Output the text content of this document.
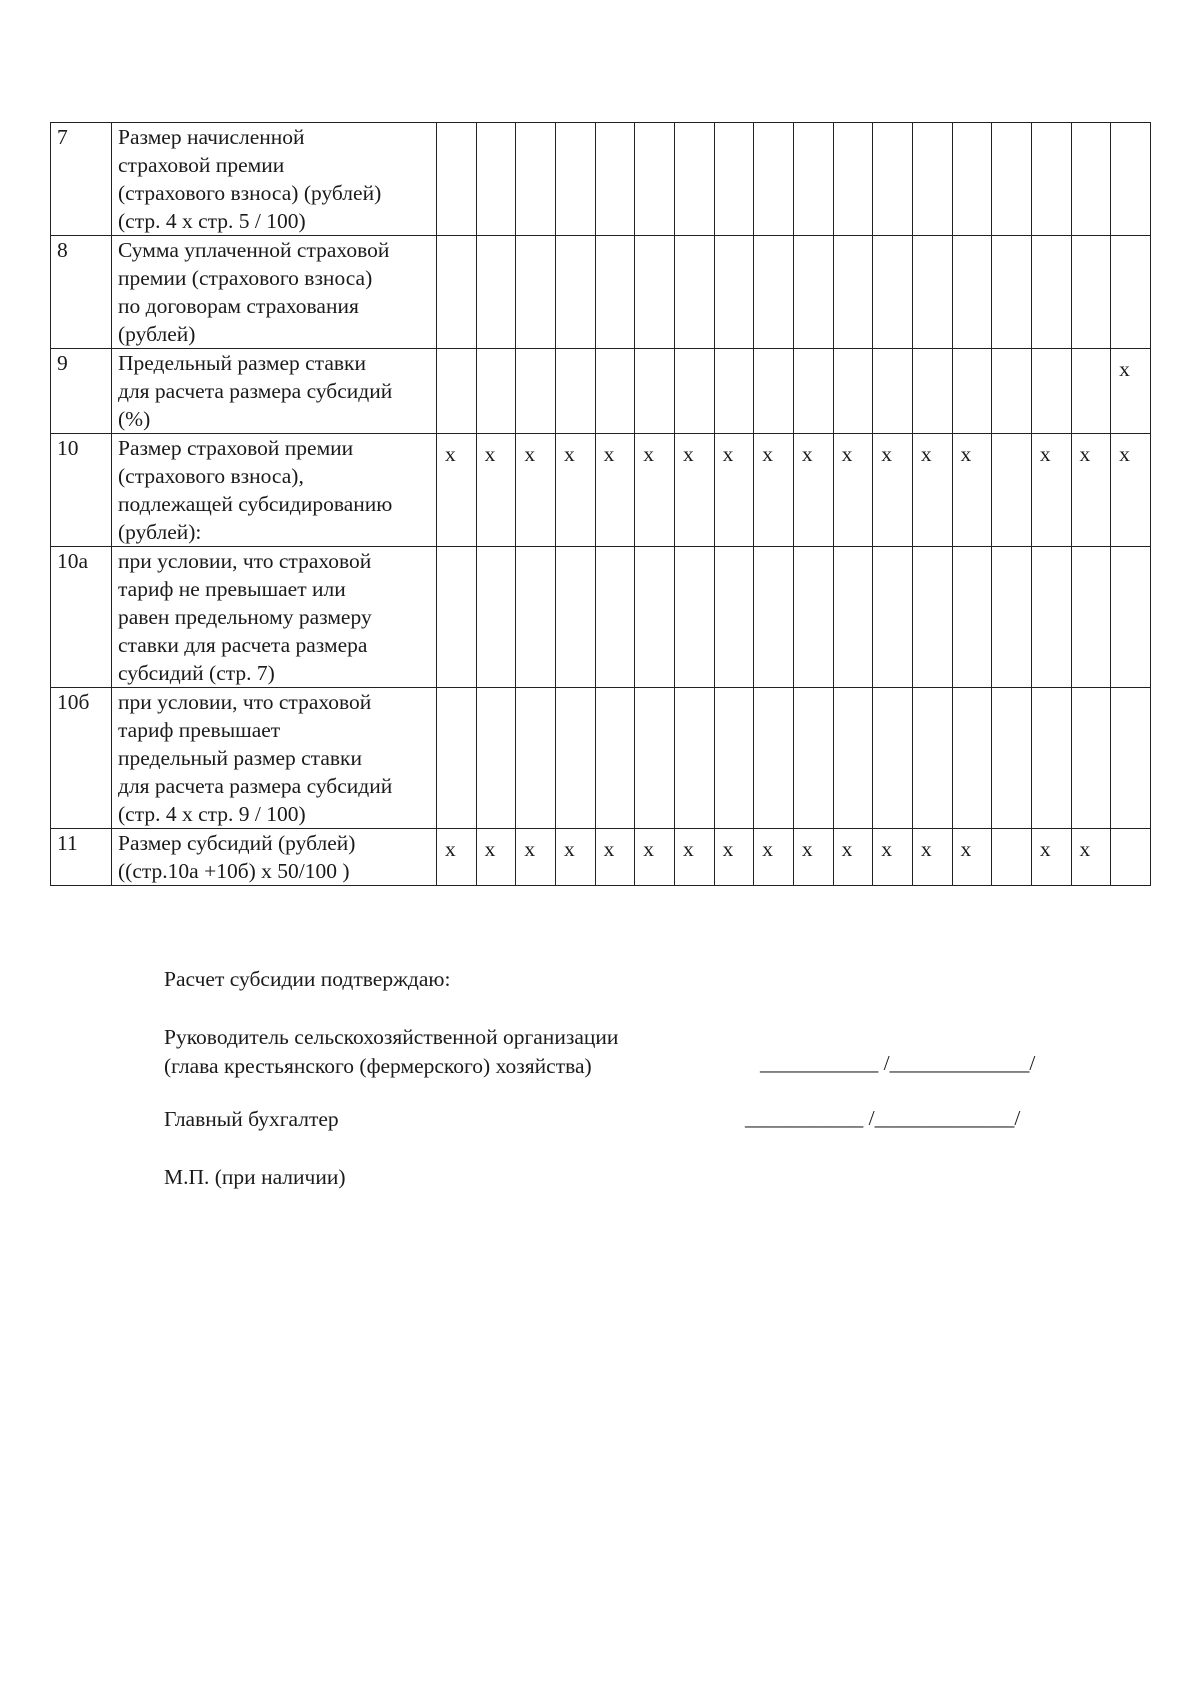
7	Размер начисленной
страховой премии
(страхового взноса) (рублей)
(стр. 4 х стр. 5 / 100)																		

8	Сумма уплаченной страховой
премии (страхового взноса)
по договорам страхования
(рублей)																		

9	Предельный размер ставки
для расчета размера субсидий
(%)																		х
10	Размер страховой премии
(страхового взноса),
подлежащей субсидированию
(рублей):	х	х	х	х	х	х	х	х	х	х	х	х	х	х		х	х	х
10а	при условии, что страховой
тариф не превышает или
равен предельному размеру
ставки для расчета размера
субсидий (стр. 7)																		

10б	при условии, что страховой
тариф превышает
предельный размер ставки
для расчета размера субсидий
(стр. 4 х стр. 9 / 100)																		

11	Размер субсидий (рублей)
((стр.10а +10б) х 50/100 )	х	х	х	х	х	х	х	х	х	х	х	х	х	х		х	х	
Расчет субсидии подтверждаю:
Руководитель сельскохозяйственной организации
(глава крестьянского (фермерского) хозяйства)	___________ /_____________/
Главный бухгалтер	___________ /_____________/
М.П. (при наличии)
